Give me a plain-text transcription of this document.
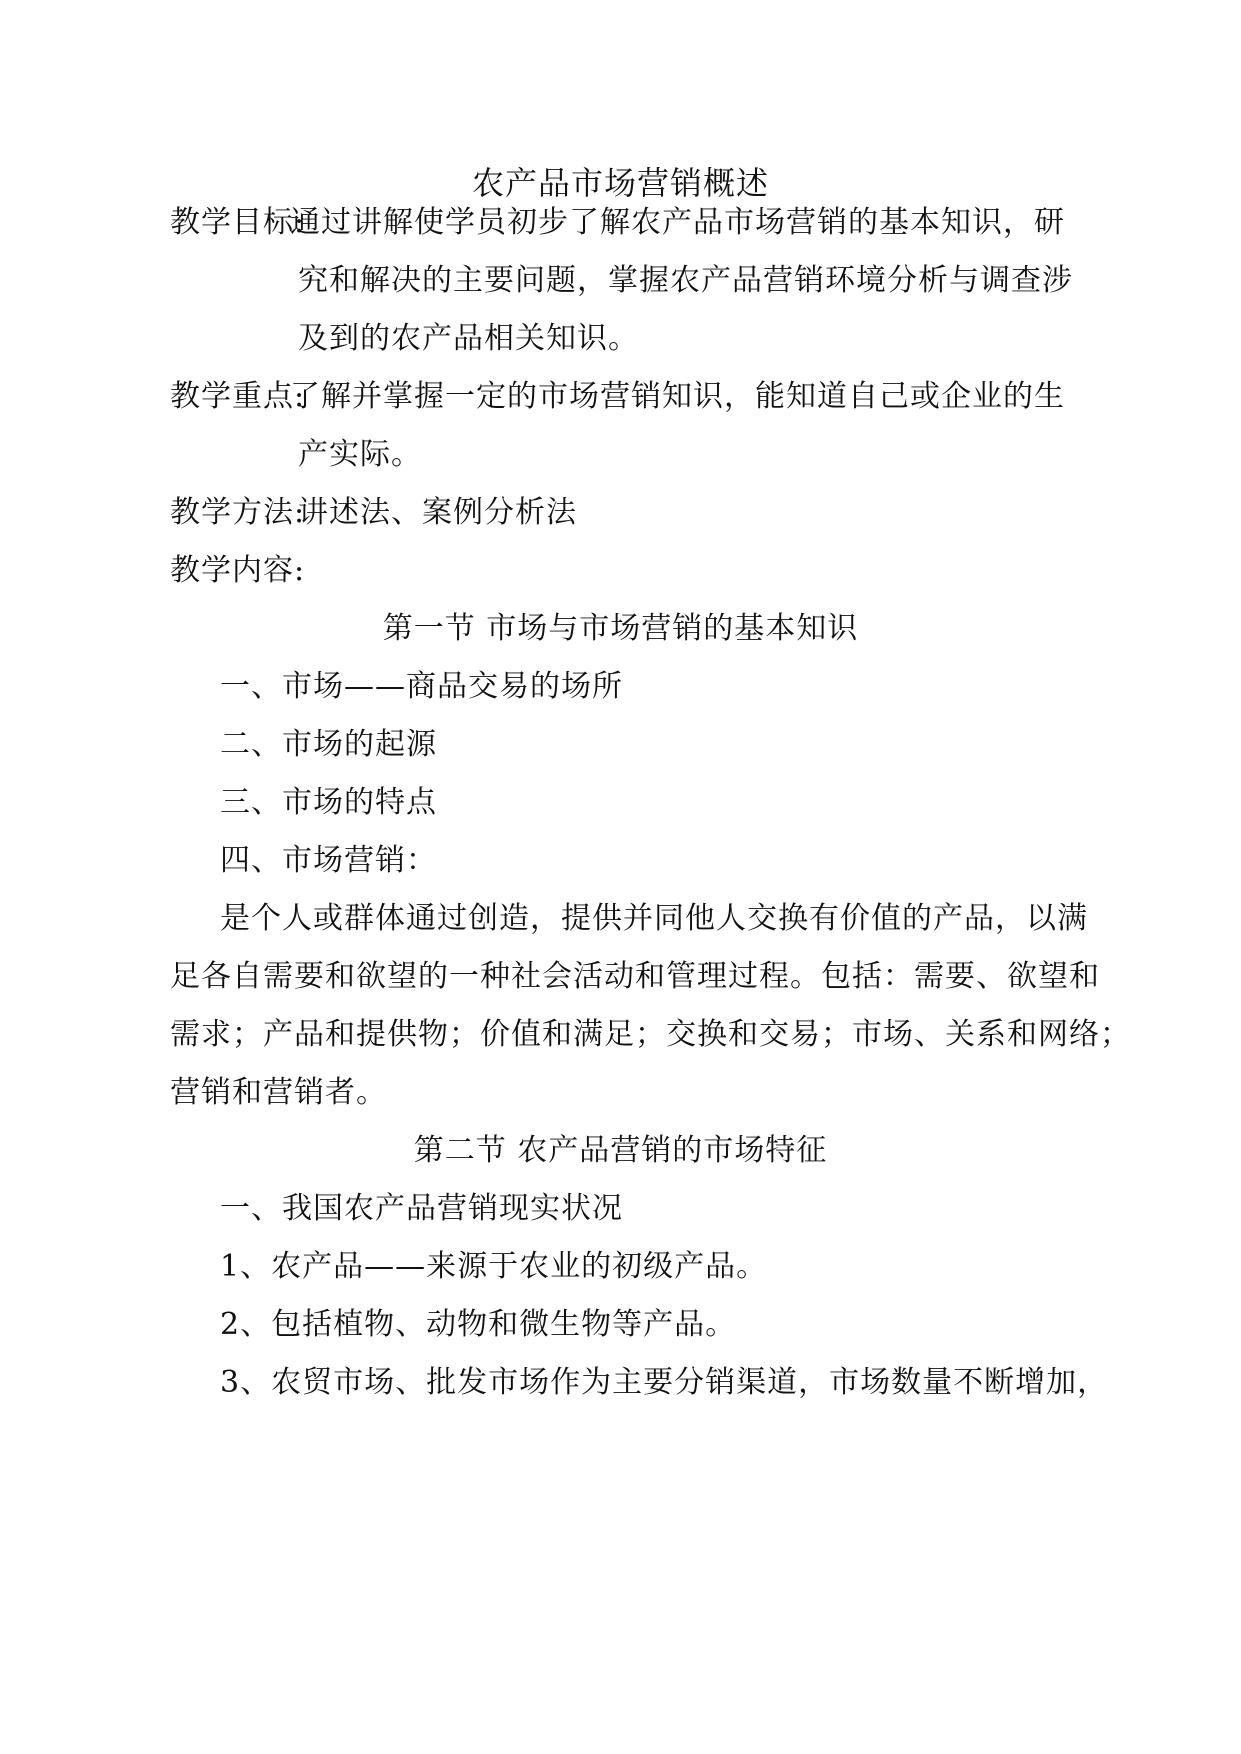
农产品市场营销概述
教学目标:
通过讲解使学员初步了解农产品市场营销的基本知识，研
究和解决的主要问题，掌握农产品营销环境分析与调查涉
及到的农产品相关知识。
教学重点:
了解并掌握一定的市场营销知识，能知道自己或企业的生
产实际。
教学方法:
讲述法、案例分析法
教学内容:
第一节 市场与市场营销的基本知识
一、市场——商品交易的场所
二、市场的起源
三、市场的特点
四、市场营销：
是个人或群体通过创造，提供并同他人交换有价值的产品，以满
足各自需要和欲望的一种社会活动和管理过程。包括：需要、欲望和
需求；产品和提供物；价值和满足；交换和交易；市场、关系和网络；
营销和营销者。
第二节 农产品营销的市场特征
一、我国农产品营销现实状况
1、农产品——来源于农业的初级产品。
2、包括植物、动物和微生物等产品。
3、农贸市场、批发市场作为主要分销渠道，市场数量不断增加，
